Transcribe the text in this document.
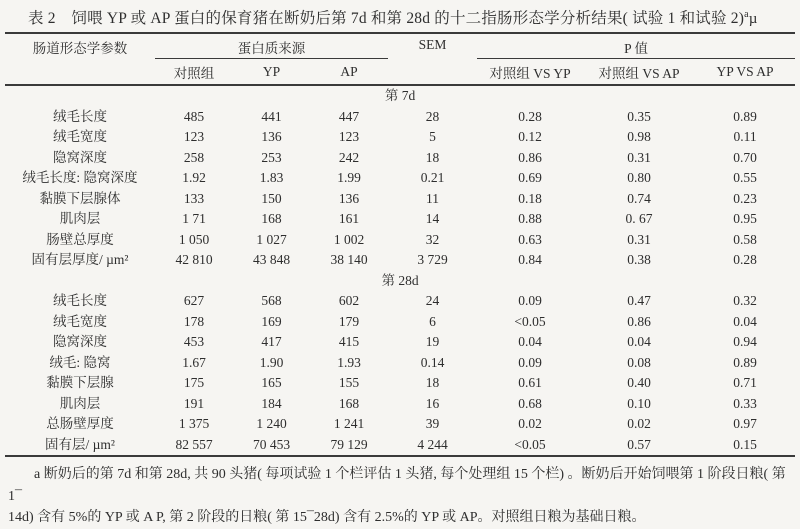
表 2　饲喂 YP 或 AP 蛋白的保育猪在断奶后第 7d 和第 28d 的十二指肠形态学分析结果( 试验 1 和试验 2)$^a$ µ
肠道形态学参数	蛋白质来源			SEM	P 值		
	对照组	YP	AP		对照组 VS YP	对照组 VS AP	YP VS AP
第 7d							
绒毛长度	485	441	447	28	0.28	0.35	0.89
绒毛宽度	123	136	123	5	0.12	0.98	0.11
隐窝深度	258	253	242	18	0.86	0.31	0.70
绒毛长度: 隐窝深度	1.92	1.83	1.99	0.21	0.69	0.80	0.55
黏膜下层腺体	133	150	136	11	0.18	0.74	0.23
肌肉层	1 71	168	161	14	0.88	0. 67	0.95
肠壁总厚度	1 050	1 027	1 002	32	0.63	0.31	0.58
固有层厚度/ µm²	42 810	43 848	38 140	3 729	0.84	0.38	0.28
第 28d							
绒毛长度	627	568	602	24	0.09	0.47	0.32
绒毛宽度	178	169	179	6	<0.05	0.86	0.04
隐窝深度	453	417	415	19	0.04	0.04	0.94
绒毛: 隐窝	1.67	1.90	1.93	0.14	0.09	0.08	0.89
黏膜下层腺	175	165	155	18	0.61	0.40	0.71
肌肉层	191	184	168	16	0.68	0.10	0.33
总肠壁厚度	1 375	1 240	1 241	39	0.02	0.02	0.97
固有层/ µm²	82 557	70 453	79 129	4 244	<0.05	0.57	0.15
a 断奶后的第 7d 和第 28d, 共 90 头猪( 每项试验 1 个栏评估 1 头猪, 每个处理组 15 个栏) 。断奶后开始饲喂第 1 阶段日粮( 第 1¯
14d) 含有 5%的 YP 或 A P, 第 2 阶段的日粮( 第 15¯28d) 含有 2.5%的 YP 或 AP。对照组日粮为基础日粮。
